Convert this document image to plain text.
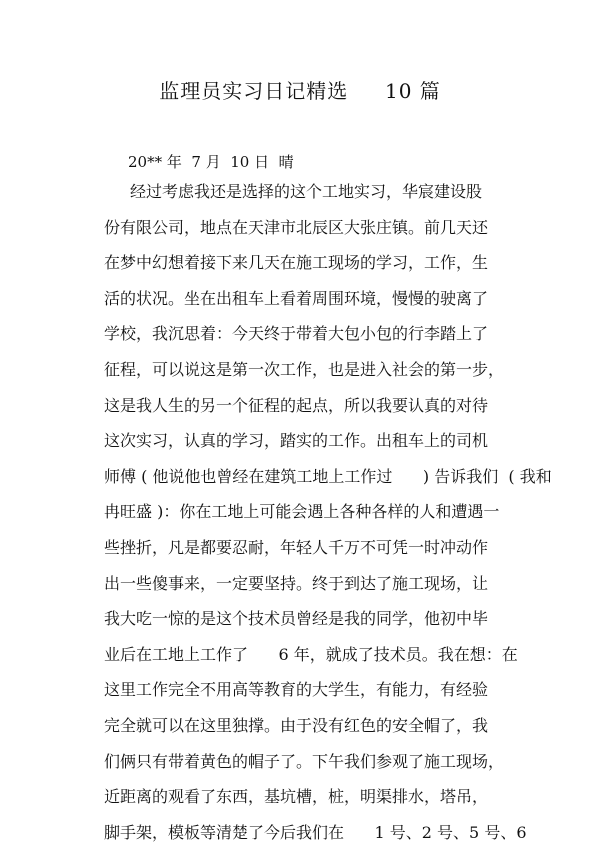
监理员实习日记精选     10 篇
20** 年  7 月  10 日  晴
经过考虑我还是选择的这个工地实习，华宸建设股
份有限公司，地点在天津市北辰区大张庄镇。前几天还
在梦中幻想着接下来几天在施工现场的学习，工作，生
活的状况。坐在出租车上看着周围环境，慢慢的驶离了
学校，我沉思着：今天终于带着大包小包的行李踏上了
征程，可以说这是第一次工作，也是进入社会的第一步，
这是我人生的另一个征程的起点，所以我要认真的对待
这次实习，认真的学习，踏实的工作。出租车上的司机
师傅 ( 他说他也曾经在建筑工地上工作过      ) 告诉我们  ( 我和
冉旺盛 )：你在工地上可能会遇上各种各样的人和遭遇一
些挫折，凡是都要忍耐，年轻人千万不可凭一时冲动作
出一些傻事来，一定要坚持。终于到达了施工现场，让
我大吃一惊的是这个技术员曾经是我的同学，他初中毕
业后在工地上工作了      6 年，就成了技术员。我在想：在
这里工作完全不用高等教育的大学生，有能力，有经验
完全就可以在这里独撑。由于没有红色的安全帽了，我
们俩只有带着黄色的帽子了。下午我们参观了施工现场，
近距离的观看了东西，基坑槽，桩，明渠排水，塔吊，
脚手架，模板等清楚了今后我们在      1 号、2 号、5 号、6
